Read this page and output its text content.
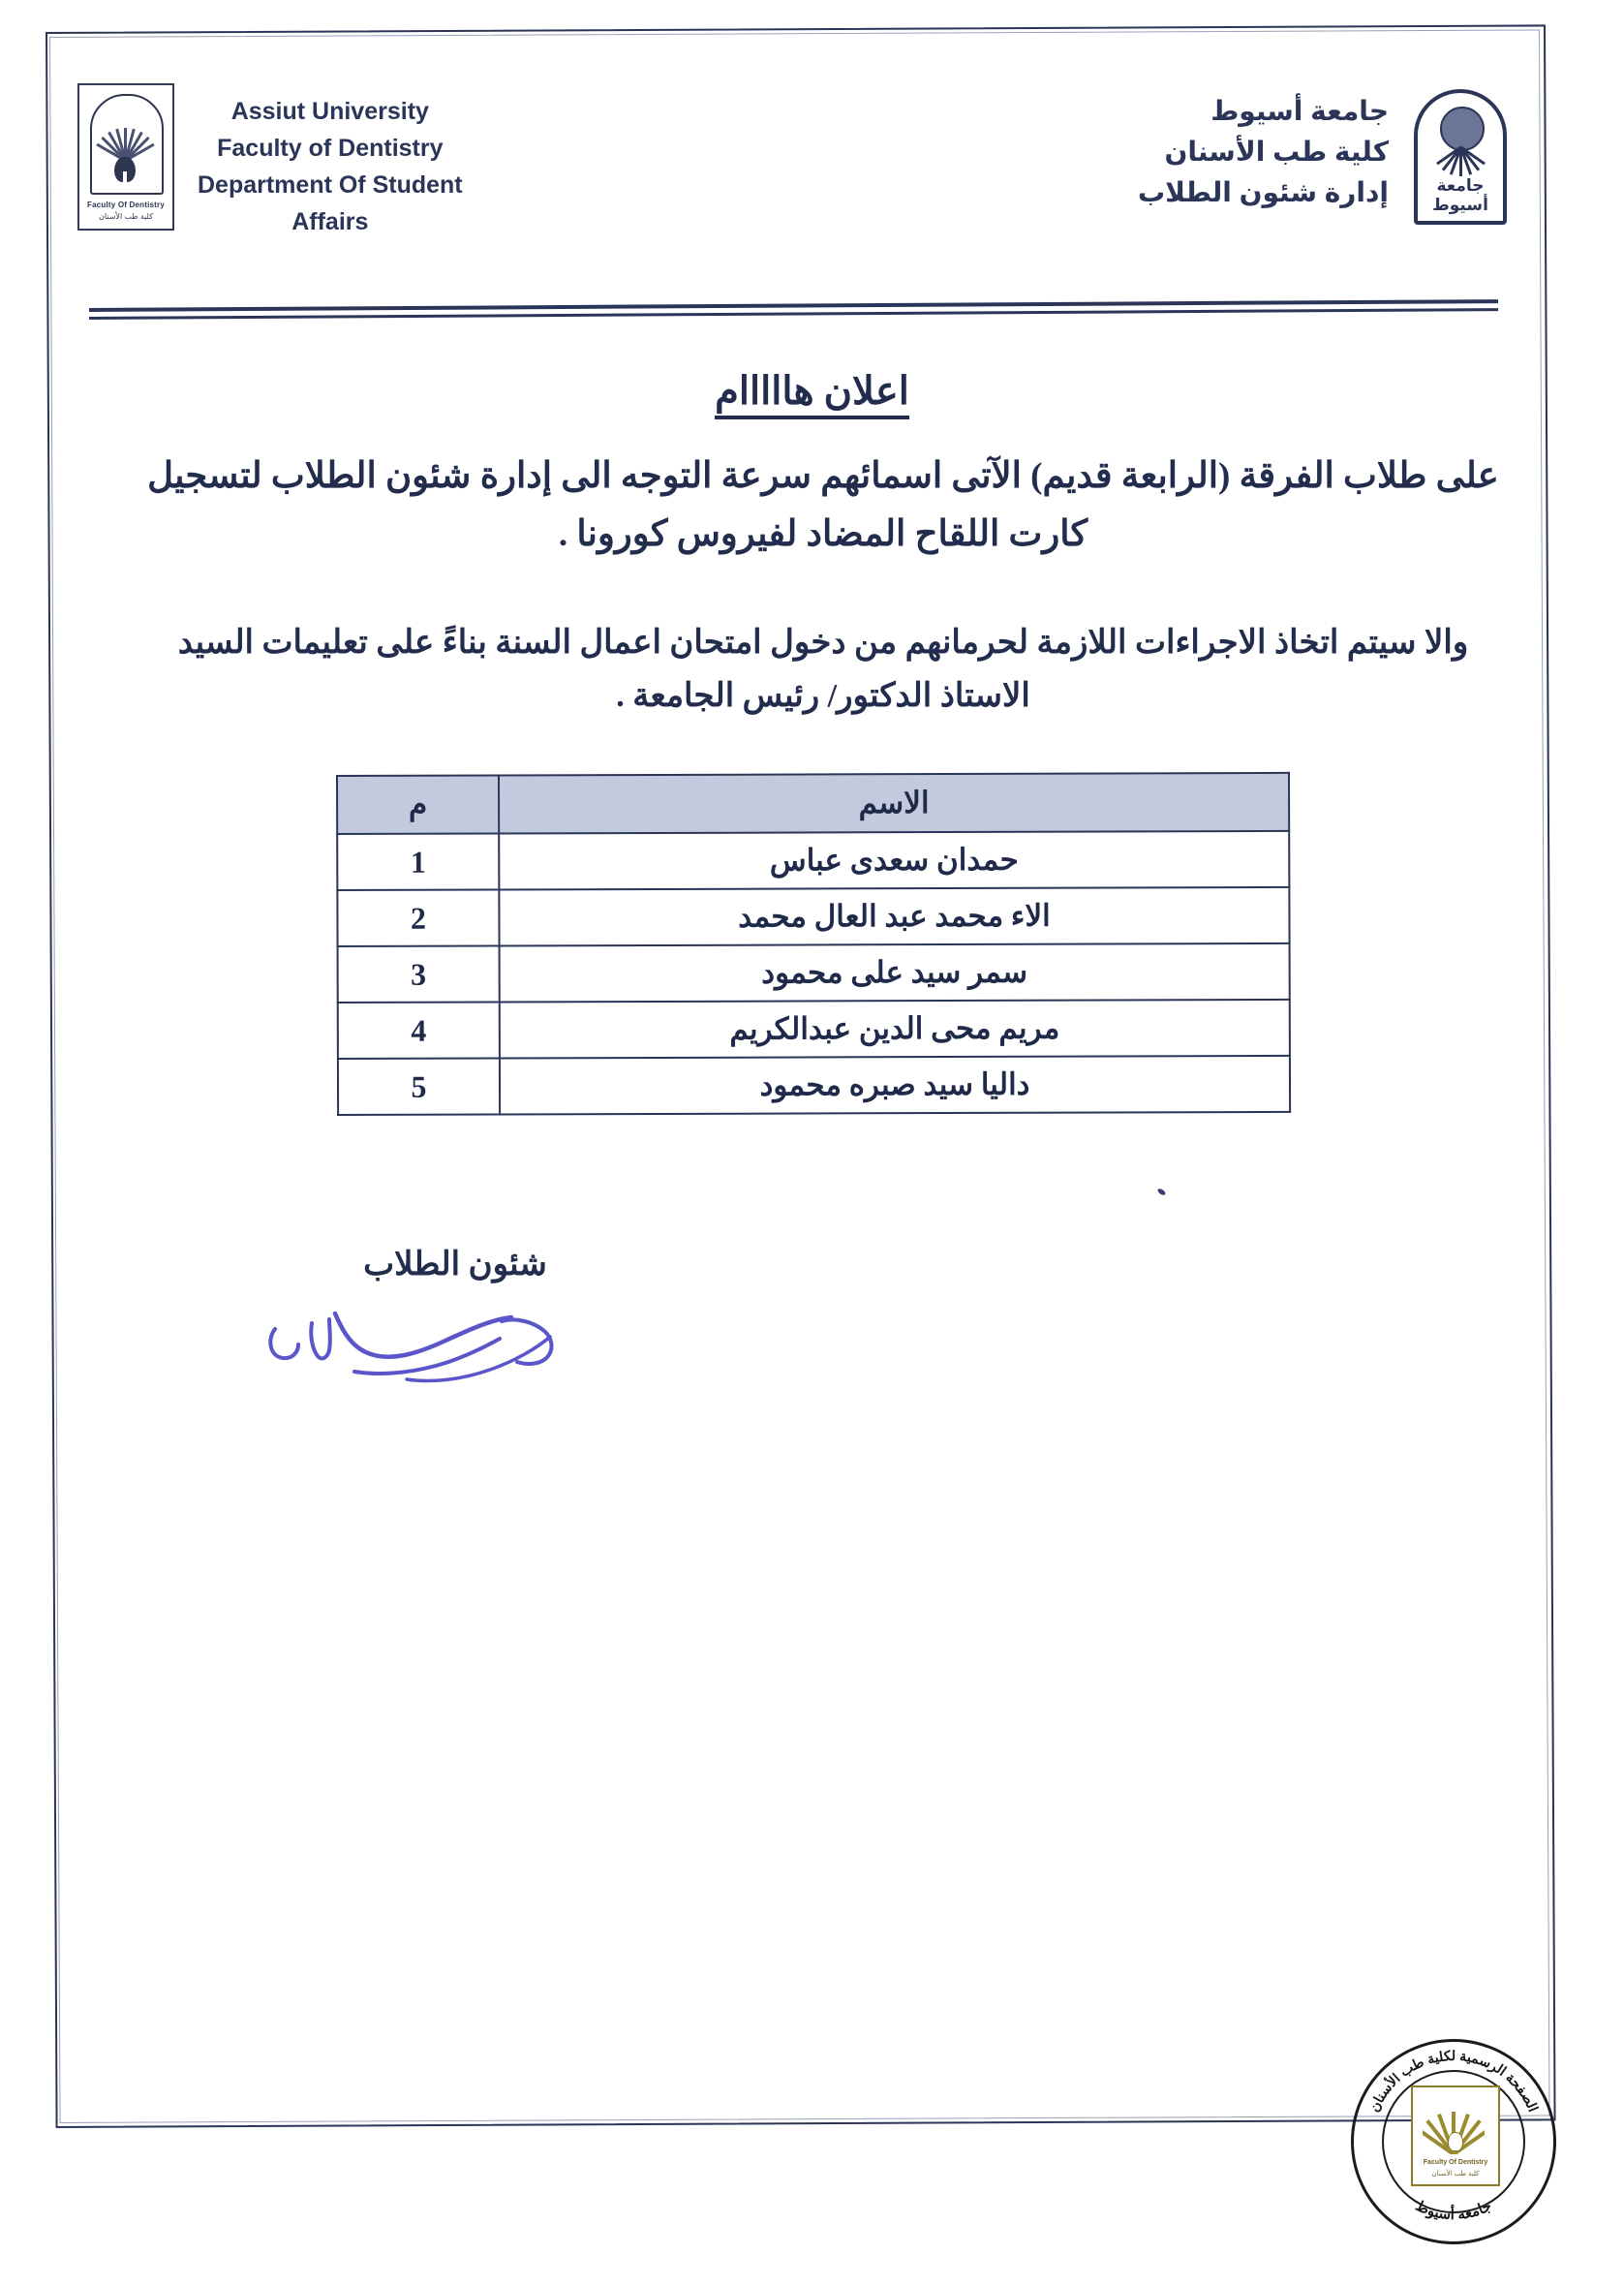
Faculty Of Dentistry
كلية طب الأسنان
Assiut University
Faculty of Dentistry
Department Of Student
Affairs
جامعة
أسيوط
جامعة أسيوط
كلية طب الأسنان
إدارة شئون الطلاب
اعلان هااااام
على طلاب الفرقة (الرابعة قديم) الآتى اسمائهم سرعة التوجه الى إدارة شئون الطلاب لتسجيل كارت اللقاح المضاد لفيروس كورونا .
والا سيتم اتخاذ الاجراءات اللازمة لحرمانهم من دخول امتحان اعمال السنة بناءً على تعليمات السيد الاستاذ الدكتور/ رئيس الجامعة .
الاسم	م
حمدان سعدى عباس	1
الاء محمد عبد العال محمد	2
سمر سيد على محمود	3
مريم محى الدين عبدالكريم	4
داليا سيد صبره محمود	5
شئون الطلاب
الصفحة الرسمية لكلية طب الأسنان
جامعة أسيوط
Faculty Of Dentistry
كلية طب الأسنان
